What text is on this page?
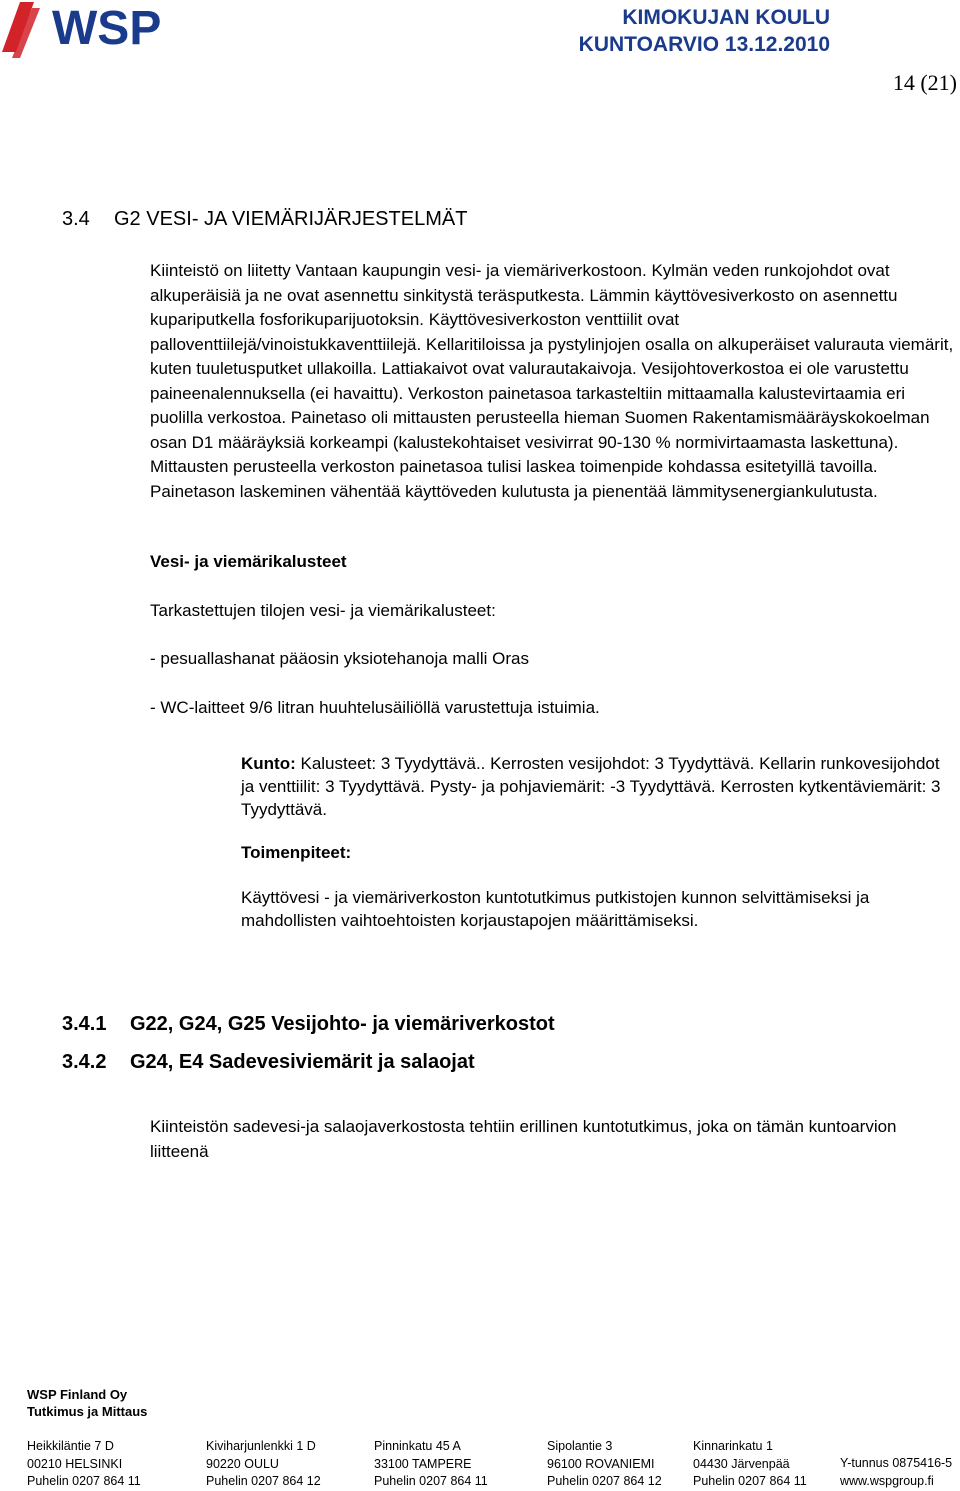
WSP	KIMOKUJAN KOULU
KUNTOARVIO 13.12.2010
14 (21)
3.4 G2 VESI- JA VIEMÄRIJÄRJESTELMÄT
Kiinteistö on liitetty Vantaan kaupungin vesi- ja viemäriverkostoon. Kylmän veden runkojohdot ovat alkuperäisiä ja ne ovat asennettu sinkitystä teräsputkesta. Lämmin käyttövesiverkosto on asennettu kupariputkella fosforikuparijuotoksin. Käyttövesiverkoston venttiilit ovat palloventtiilejä/vinoistukkaventtiilejä. Kellaritiloissa ja pystylinjojen osalla on alkuperäiset valurauta viemärit, kuten tuuletusputket ullakoilla. Lattiakaivot ovat valurautakaivoja. Vesijohtoverkostoa ei ole varustettu paineenalennuksella (ei havaittu). Verkoston painetasoa tarkasteltiin mittaamalla kalustevirtaamia eri puolilla verkostoa. Painetaso oli mittausten perusteella hieman Suomen Rakentamismääräyskokoelman osan D1 määräyksiä korkeampi (kalustekohtaiset vesivirrat 90-130 % normivirtaamasta laskettuna). Mittausten perusteella verkoston painetasoa tulisi laskea toimenpide kohdassa esitetyillä tavoilla. Painetason laskeminen vähentää käyttöveden kulutusta ja pienentää lämmitysenergiankulutusta.
Vesi- ja viemärikalusteet
Tarkastettujen tilojen vesi- ja viemärikalusteet:
- pesuallashanat pääosin yksiotehanoja malli Oras
- WC-laitteet 9/6 litran huuhtelusäiliöllä varustettuja istuimia.
Kunto: Kalusteet: 3 Tyydyttävä.. Kerrosten vesijohdot: 3 Tyydyttävä. Kellarin runkovesijohdot ja venttiilit: 3 Tyydyttävä. Pysty- ja pohjaviemärit: -3 Tyydyttävä. Kerrosten kytkentäviemärit: 3 Tyydyttävä.
Toimenpiteet:
Käyttövesi - ja viemäriverkoston kuntotutkimus putkistojen kunnon selvittämiseksi ja mahdollisten vaihtoehtoisten korjaustapojen määrittämiseksi.
3.4.1 G22, G24, G25 Vesijohto- ja viemäriverkostot
3.4.2 G24, E4 Sadevesiviemärit ja salaojat
Kiinteistön sadevesi-ja salaojaverkostosta tehtiin erillinen kuntotutkimus, joka on tämän kuntoarvion liitteenä
WSP Finland Oy
Tutkimus ja Mittaus
Heikkiläntie 7 D
00210 HELSINKI
Puhelin 0207 864 11
Kiviharjunlenkki 1 D
90220 OULU
Puhelin 0207 864 12
Pinninkatu 45 A
33100 TAMPERE
Puhelin 0207 864 11
Sipolantie 3
96100 ROVANIEMI
Puhelin 0207 864 12
Kinnarinkatu 1
04430 Järvenpää
Puhelin 0207 864 11
Y-tunnus 0875416-5
www.wspgroup.fi
